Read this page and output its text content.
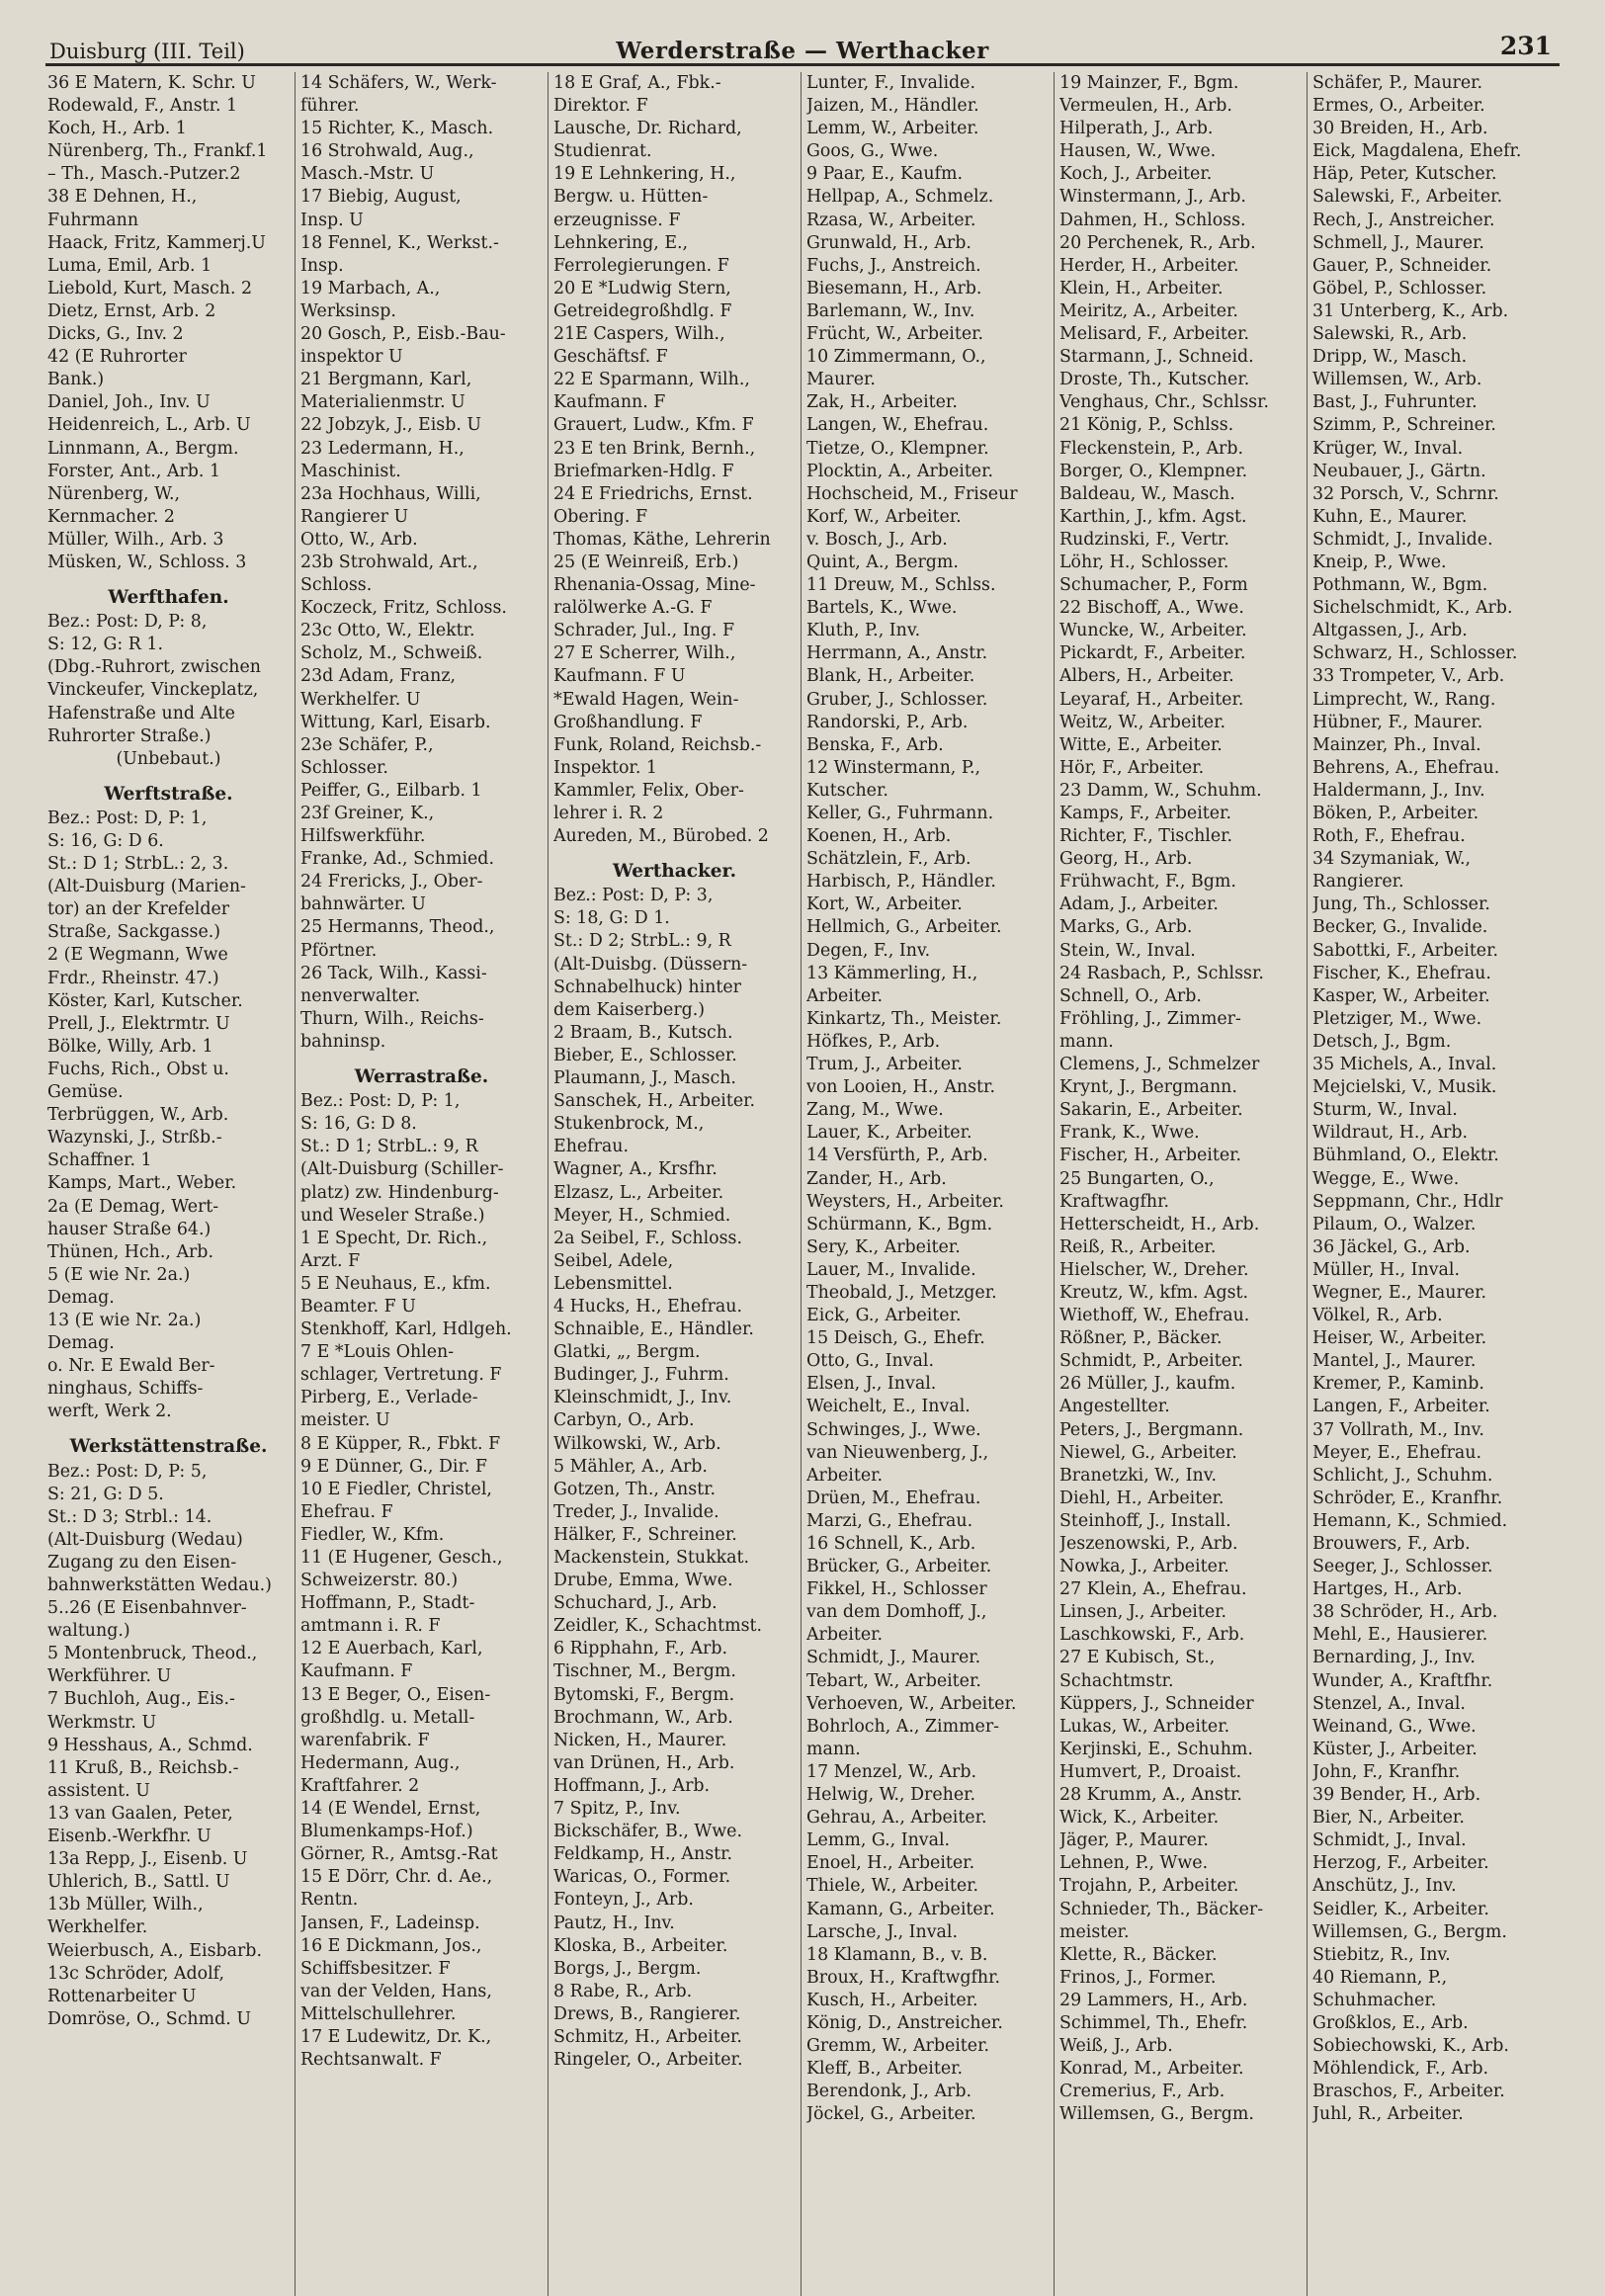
Duisburg (III. Teil)	Werderstraße — Werthacker	231
36 E Matern, K. Schr. U
Rodewald, F., Anstr. 1
Koch, H., Arb. 1
Nürenberg, Th., Frankf.1
– Th., Masch.-Putzer.2
38 E Dehnen, H.,
Fuhrmann
Haack, Fritz, Kammerj.U
Luma, Emil, Arb. 1
Liebold, Kurt, Masch. 2
Dietz, Ernst, Arb. 2
Dicks, G., Inv. 2
42 (E Ruhrorter
Bank.)
Daniel, Joh., Inv. U
Heidenreich, L., Arb. U
Linnmann, A., Bergm.
Forster, Ant., Arb. 1
Nürenberg, W.,
Kernmacher. 2
Müller, Wilh., Arb. 3
Müsken, W., Schloss. 3
Werfthafen.
Bez.: Post: D, P: 8,
S: 12, G: R 1.
(Dbg.-Ruhrort, zwischen
Vinckeufer, Vinckeplatz,
Hafenstraße und Alte
Ruhrorter Straße.)
(Unbebaut.)
Werftstraße.
Bez.: Post: D, P: 1,
S: 16, G: D 6.
St.: D 1; StrbL.: 2, 3.
(Alt-Duisburg (Marien-
tor) an der Krefelder
Straße, Sackgasse.)
2 (E Wegmann, Wwe
Frdr., Rheinstr. 47.)
Köster, Karl, Kutscher.
Prell, J., Elektrmtr. U
Bölke, Willy, Arb. 1
Fuchs, Rich., Obst u.
Gemüse.
Terbrüggen, W., Arb.
Wazynski, J., Strßb.-
Schaffner. 1
Kamps, Mart., Weber.
2a (E Demag, Wert-
hauser Straße 64.)
Thünen, Hch., Arb.
5 (E wie Nr. 2a.)
Demag.
13 (E wie Nr. 2a.)
Demag.
o. Nr. E Ewald Ber-
ninghaus, Schiffs-
werft, Werk 2.
Werkstättenstraße.
Bez.: Post: D, P: 5,
S: 21, G: D 5.
St.: D 3; Strbl.: 14.
(Alt-Duisburg (Wedau)
Zugang zu den Eisen-
bahnwerkstätten Wedau.)
5..26 (E Eisenbahnver-
waltung.)
5 Montenbruck, Theod.,
Werkführer. U
7 Buchloh, Aug., Eis.-
Werkmstr. U
9 Hesshaus, A., Schmd.
11 Kruß, B., Reichsb.-
assistent. U
13 van Gaalen, Peter,
Eisenb.-Werkfhr. U
13a Repp, J., Eisenb. U
Uhlerich, B., Sattl. U
13b Müller, Wilh.,
Werkhelfer.
Weierbusch, A., Eisbarb.
13c Schröder, Adolf,
Rottenarbeiter U
Domröse, O., Schmd. U
14 Schäfers, W., Werk-
führer.
15 Richter, K., Masch.
16 Strohwald, Aug.,
Masch.-Mstr. U
17 Biebig, August,
Insp. U
18 Fennel, K., Werkst.-
Insp.
19 Marbach, A.,
Werksinsp.
20 Gosch, P., Eisb.-Bau-
inspektor U
21 Bergmann, Karl,
Materialienmstr. U
22 Jobzyk, J., Eisb. U
23 Ledermann, H.,
Maschinist.
23a Hochhaus, Willi,
Rangierer U
Otto, W., Arb.
23b Strohwald, Art.,
Schloss.
Koczeck, Fritz, Schloss.
23c Otto, W., Elektr.
Scholz, M., Schweiß.
23d Adam, Franz,
Werkhelfer. U
Wittung, Karl, Eisarb.
23e Schäfer, P.,
Schlosser.
Peiffer, G., Eilbarb. 1
23f Greiner, K.,
Hilfswerkführ.
Franke, Ad., Schmied.
24 Frericks, J., Ober-
bahnwärter. U
25 Hermanns, Theod.,
Pförtner.
26 Tack, Wilh., Kassi-
nenverwalter.
Thurn, Wilh., Reichs-
bahninsp.
Werrastraße.
Bez.: Post: D, P: 1,
S: 16, G: D 8.
St.: D 1; StrbL.: 9, R
(Alt-Duisburg (Schiller-
platz) zw. Hindenburg-
und Weseler Straße.)
1 E Specht, Dr. Rich.,
Arzt. F
5 E Neuhaus, E., kfm.
Beamter. F U
Stenkhoff, Karl, Hdlgeh.
7 E *Louis Ohlen-
schlager, Vertretung. F
Pirberg, E., Verlade-
meister. U
8 E Küpper, R., Fbkt. F
9 E Dünner, G., Dir. F
10 E Fiedler, Christel,
Ehefrau. F
Fiedler, W., Kfm.
11 (E Hugener, Gesch.,
Schweizerstr. 80.)
Hoffmann, P., Stadt-
amtmann i. R. F
12 E Auerbach, Karl,
Kaufmann. F
13 E Beger, O., Eisen-
großhdlg. u. Metall-
warenfabrik. F
Hedermann, Aug.,
Kraftfahrer. 2
14 (E Wendel, Ernst,
Blumenkamps-Hof.)
Görner, R., Amtsg.-Rat
15 E Dörr, Chr. d. Ae.,
Rentn.
Jansen, F., Ladeinsp.
16 E Dickmann, Jos.,
Schiffsbesitzer. F
van der Velden, Hans,
Mittelschullehrer.
17 E Ludewitz, Dr. K.,
Rechtsanwalt. F
18 E Graf, A., Fbk.-
Direktor. F
Lausche, Dr. Richard,
Studienrat.
19 E Lehnkering, H.,
Bergw. u. Hütten-
erzeugnisse. F
Lehnkering, E.,
Ferrolegierungen. F
20 E *Ludwig Stern,
Getreidegroßhdlg. F
21E Caspers, Wilh.,
Geschäftsf. F
22 E Sparmann, Wilh.,
Kaufmann. F
Grauert, Ludw., Kfm. F
23 E ten Brink, Bernh.,
Briefmarken-Hdlg. F
24 E Friedrichs, Ernst.
Obering. F
Thomas, Käthe, Lehrerin
25 (E Weinreiß, Erb.)
Rhenania-Ossag, Mine-
ralölwerke A.-G. F
Schrader, Jul., Ing. F
27 E Scherrer, Wilh.,
Kaufmann. F U
*Ewald Hagen, Wein-
Großhandlung. F
Funk, Roland, Reichsb.-
Inspektor. 1
Kammler, Felix, Ober-
lehrer i. R. 2
Aureden, M., Bürobed. 2
Werthacker.
Bez.: Post: D, P: 3,
S: 18, G: D 1.
St.: D 2; StrbL.: 9, R
(Alt-Duisbg. (Düssern-
Schnabelhuck) hinter
dem Kaiserberg.)
2 Braam, B., Kutsch.
Bieber, E., Schlosser.
Plaumann, J., Masch.
Sanschek, H., Arbeiter.
Stukenbrock, M.,
Ehefrau.
Wagner, A., Krsfhr.
Elzasz, L., Arbeiter.
Meyer, H., Schmied.
2a Seibel, F., Schloss.
Seibel, Adele,
Lebensmittel.
4 Hucks, H., Ehefrau.
Schnaible, E., Händler.
Glatki, „, Bergm.
Budinger, J., Fuhrm.
Kleinschmidt, J., Inv.
Carbyn, O., Arb.
Wilkowski, W., Arb.
5 Mähler, A., Arb.
Gotzen, Th., Anstr.
Treder, J., Invalide.
Hälker, F., Schreiner.
Mackenstein, Stukkat.
Drube, Emma, Wwe.
Schuchard, J., Arb.
Zeidler, K., Schachtmst.
6 Ripphahn, F., Arb.
Tischner, M., Bergm.
Bytomski, F., Bergm.
Brochmann, W., Arb.
Nicken, H., Maurer.
van Drünen, H., Arb.
Hoffmann, J., Arb.
7 Spitz, P., Inv.
Bickschäfer, B., Wwe.
Feldkamp, H., Anstr.
Waricas, O., Former.
Fonteyn, J., Arb.
Pautz, H., Inv.
Kloska, B., Arbeiter.
Borgs, J., Bergm.
8 Rabe, R., Arb.
Drews, B., Rangierer.
Schmitz, H., Arbeiter.
Ringeler, O., Arbeiter.
Lunter, F., Invalide.
Jaizen, M., Händler.
Lemm, W., Arbeiter.
Goos, G., Wwe.
9 Paar, E., Kaufm.
Hellpap, A., Schmelz.
Rzasa, W., Arbeiter.
Grunwald, H., Arb.
Fuchs, J., Anstreich.
Biesemann, H., Arb.
Barlemann, W., Inv.
Frücht, W., Arbeiter.
10 Zimmermann, O.,
Maurer.
Zak, H., Arbeiter.
Langen, W., Ehefrau.
Tietze, O., Klempner.
Plocktin, A., Arbeiter.
Hochscheid, M., Friseur
Korf, W., Arbeiter.
v. Bosch, J., Arb.
Quint, A., Bergm.
11 Dreuw, M., Schlss.
Bartels, K., Wwe.
Kluth, P., Inv.
Herrmann, A., Anstr.
Blank, H., Arbeiter.
Gruber, J., Schlosser.
Randorski, P., Arb.
Benska, F., Arb.
12 Winstermann, P.,
Kutscher.
Keller, G., Fuhrmann.
Koenen, H., Arb.
Schätzlein, F., Arb.
Harbisch, P., Händler.
Kort, W., Arbeiter.
Hellmich, G., Arbeiter.
Degen, F., Inv.
13 Kämmerling, H.,
Arbeiter.
Kinkartz, Th., Meister.
Höfkes, P., Arb.
Trum, J., Arbeiter.
von Looien, H., Anstr.
Zang, M., Wwe.
Lauer, K., Arbeiter.
14 Versfürth, P., Arb.
Zander, H., Arb.
Weysters, H., Arbeiter.
Schürmann, K., Bgm.
Sery, K., Arbeiter.
Lauer, M., Invalide.
Theobald, J., Metzger.
Eick, G., Arbeiter.
15 Deisch, G., Ehefr.
Otto, G., Inval.
Elsen, J., Inval.
Weichelt, E., Inval.
Schwinges, J., Wwe.
van Nieuwenberg, J.,
Arbeiter.
Drüen, M., Ehefrau.
Marzi, G., Ehefrau.
16 Schnell, K., Arb.
Brücker, G., Arbeiter.
Fikkel, H., Schlosser
van dem Domhoff, J.,
Arbeiter.
Schmidt, J., Maurer.
Tebart, W., Arbeiter.
Verhoeven, W., Arbeiter.
Bohrloch, A., Zimmer-
mann.
17 Menzel, W., Arb.
Helwig, W., Dreher.
Gehrau, A., Arbeiter.
Lemm, G., Inval.
Enoel, H., Arbeiter.
Thiele, W., Arbeiter.
Kamann, G., Arbeiter.
Larsche, J., Inval.
18 Klamann, B., v. B.
Broux, H., Kraftwgfhr.
Kusch, H., Arbeiter.
König, D., Anstreicher.
Gremm, W., Arbeiter.
Kleff, B., Arbeiter.
Berendonk, J., Arb.
Jöckel, G., Arbeiter.
19 Mainzer, F., Bgm.
Vermeulen, H., Arb.
Hilperath, J., Arb.
Hausen, W., Wwe.
Koch, J., Arbeiter.
Winstermann, J., Arb.
Dahmen, H., Schloss.
20 Perchenek, R., Arb.
Herder, H., Arbeiter.
Klein, H., Arbeiter.
Meiritz, A., Arbeiter.
Melisard, F., Arbeiter.
Starmann, J., Schneid.
Droste, Th., Kutscher.
Venghaus, Chr., Schlssr.
21 König, P., Schlss.
Fleckenstein, P., Arb.
Borger, O., Klempner.
Baldeau, W., Masch.
Karthin, J., kfm. Agst.
Rudzinski, F., Vertr.
Löhr, H., Schlosser.
Schumacher, P., Form
22 Bischoff, A., Wwe.
Wuncke, W., Arbeiter.
Pickardt, F., Arbeiter.
Albers, H., Arbeiter.
Leyaraf, H., Arbeiter.
Weitz, W., Arbeiter.
Witte, E., Arbeiter.
Hör, F., Arbeiter.
23 Damm, W., Schuhm.
Kamps, F., Arbeiter.
Richter, F., Tischler.
Georg, H., Arb.
Frühwacht, F., Bgm.
Adam, J., Arbeiter.
Marks, G., Arb.
Stein, W., Inval.
24 Rasbach, P., Schlssr.
Schnell, O., Arb.
Fröhling, J., Zimmer-
mann.
Clemens, J., Schmelzer
Krynt, J., Bergmann.
Sakarin, E., Arbeiter.
Frank, K., Wwe.
Fischer, H., Arbeiter.
25 Bungarten, O.,
Kraftwagfhr.
Hetterscheidt, H., Arb.
Reiß, R., Arbeiter.
Hielscher, W., Dreher.
Kreutz, W., kfm. Agst.
Wiethoff, W., Ehefrau.
Rößner, P., Bäcker.
Schmidt, P., Arbeiter.
26 Müller, J., kaufm.
Angestellter.
Peters, J., Bergmann.
Niewel, G., Arbeiter.
Branetzki, W., Inv.
Diehl, H., Arbeiter.
Steinhoff, J., Install.
Jeszenowski, P., Arb.
Nowka, J., Arbeiter.
27 Klein, A., Ehefrau.
Linsen, J., Arbeiter.
Laschkowski, F., Arb.
27 E Kubisch, St.,
Schachtmstr.
Küppers, J., Schneider
Lukas, W., Arbeiter.
Kerjinski, E., Schuhm.
Humvert, P., Droaist.
28 Krumm, A., Anstr.
Wick, K., Arbeiter.
Jäger, P., Maurer.
Lehnen, P., Wwe.
Trojahn, P., Arbeiter.
Schnieder, Th., Bäcker-
meister.
Klette, R., Bäcker.
Frinos, J., Former.
29 Lammers, H., Arb.
Schimmel, Th., Ehefr.
Weiß, J., Arb.
Konrad, M., Arbeiter.
Cremerius, F., Arb.
Willemsen, G., Bergm.
Schäfer, P., Maurer.
Ermes, O., Arbeiter.
30 Breiden, H., Arb.
Eick, Magdalena, Ehefr.
Häp, Peter, Kutscher.
Salewski, F., Arbeiter.
Rech, J., Anstreicher.
Schmell, J., Maurer.
Gauer, P., Schneider.
Göbel, P., Schlosser.
31 Unterberg, K., Arb.
Salewski, R., Arb.
Dripp, W., Masch.
Willemsen, W., Arb.
Bast, J., Fuhrunter.
Szimm, P., Schreiner.
Krüger, W., Inval.
Neubauer, J., Gärtn.
32 Porsch, V., Schrnr.
Kuhn, E., Maurer.
Schmidt, J., Invalide.
Kneip, P., Wwe.
Pothmann, W., Bgm.
Sichelschmidt, K., Arb.
Altgassen, J., Arb.
Schwarz, H., Schlosser.
33 Trompeter, V., Arb.
Limprecht, W., Rang.
Hübner, F., Maurer.
Mainzer, Ph., Inval.
Behrens, A., Ehefrau.
Haldermann, J., Inv.
Böken, P., Arbeiter.
Roth, F., Ehefrau.
34 Szymaniak, W.,
Rangierer.
Jung, Th., Schlosser.
Becker, G., Invalide.
Sabottki, F., Arbeiter.
Fischer, K., Ehefrau.
Kasper, W., Arbeiter.
Pletziger, M., Wwe.
Detsch, J., Bgm.
35 Michels, A., Inval.
Mejcielski, V., Musik.
Sturm, W., Inval.
Wildraut, H., Arb.
Bühmland, O., Elektr.
Wegge, E., Wwe.
Seppmann, Chr., Hdlr
Pilaum, O., Walzer.
36 Jäckel, G., Arb.
Müller, H., Inval.
Wegner, E., Maurer.
Völkel, R., Arb.
Heiser, W., Arbeiter.
Mantel, J., Maurer.
Kremer, P., Kaminb.
Langen, F., Arbeiter.
37 Vollrath, M., Inv.
Meyer, E., Ehefrau.
Schlicht, J., Schuhm.
Schröder, E., Kranfhr.
Hemann, K., Schmied.
Brouwers, F., Arb.
Seeger, J., Schlosser.
Hartges, H., Arb.
38 Schröder, H., Arb.
Mehl, E., Hausierer.
Bernarding, J., Inv.
Wunder, A., Kraftfhr.
Stenzel, A., Inval.
Weinand, G., Wwe.
Küster, J., Arbeiter.
John, F., Kranfhr.
39 Bender, H., Arb.
Bier, N., Arbeiter.
Schmidt, J., Inval.
Herzog, F., Arbeiter.
Anschütz, J., Inv.
Seidler, K., Arbeiter.
Willemsen, G., Bergm.
Stiebitz, R., Inv.
40 Riemann, P.,
Schuhmacher.
Großklos, E., Arb.
Sobiechowski, K., Arb.
Möhlendick, F., Arb.
Braschos, F., Arbeiter.
Juhl, R., Arbeiter.
